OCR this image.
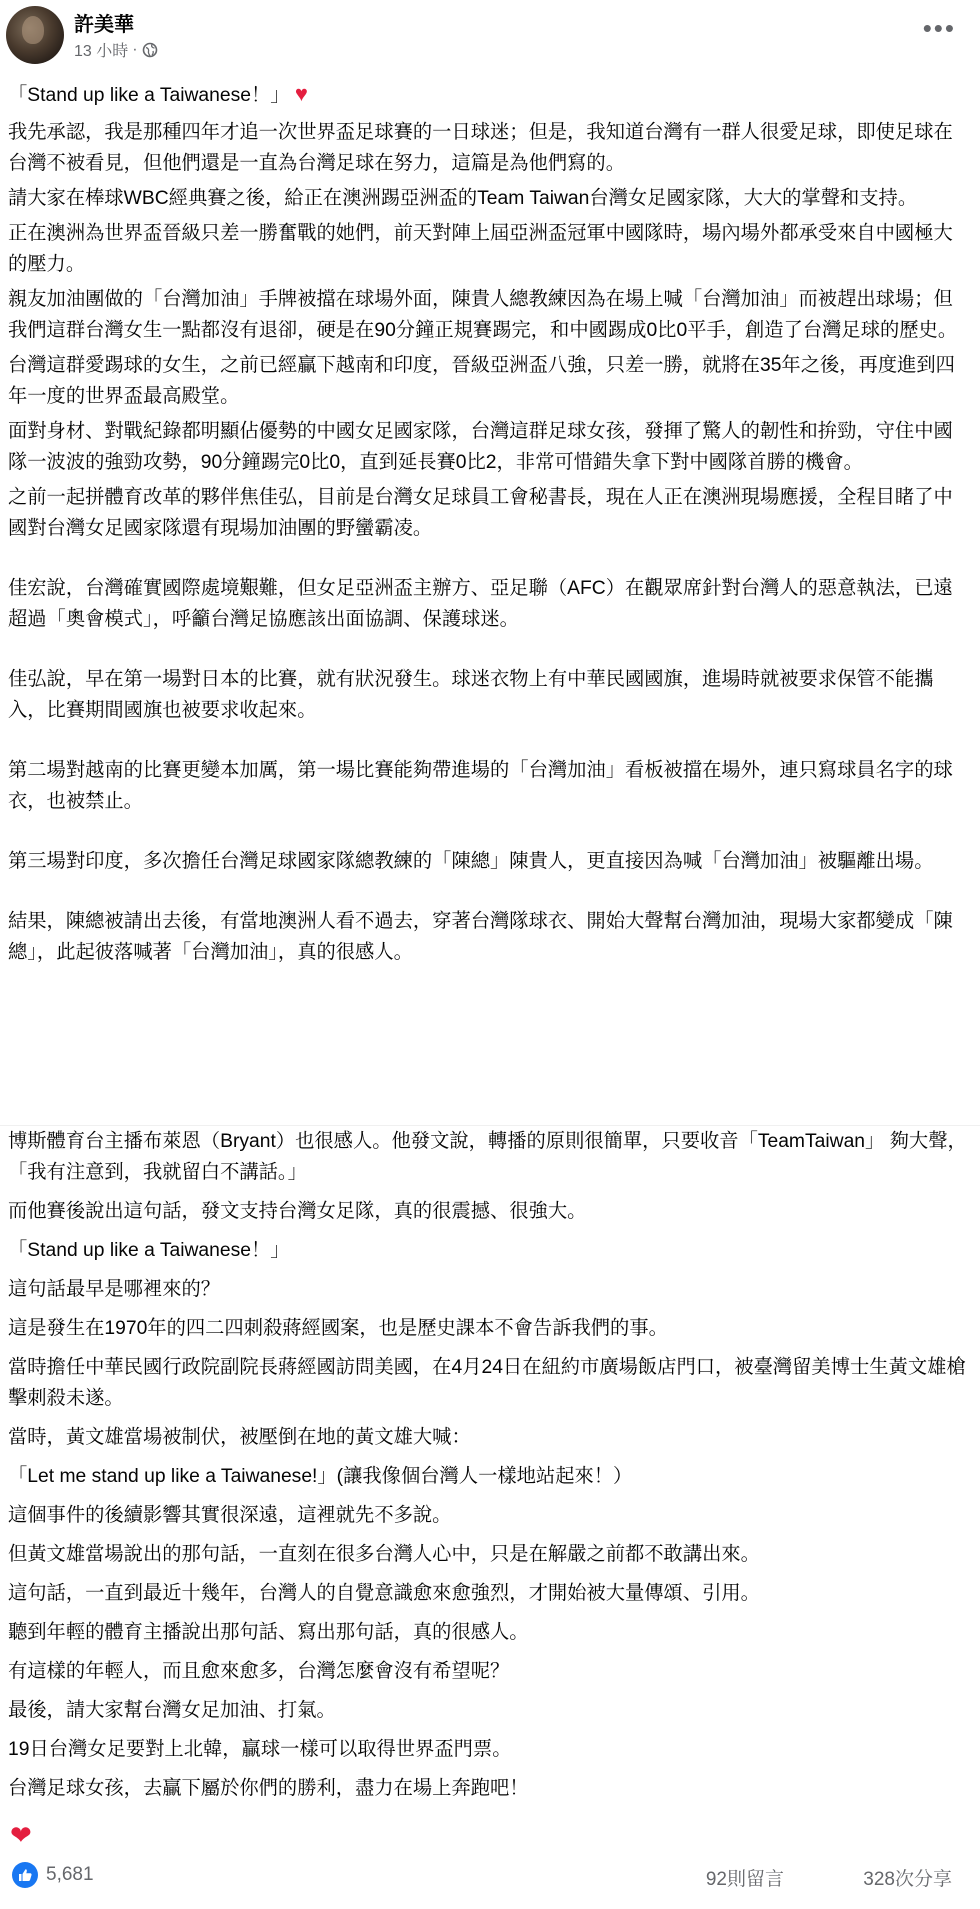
許美華
13 小時 ·
•••

「Stand up like a Taiwanese！」 ♥

我先承認，我是那種四年才追一次世界盃足球賽的一日球迷；但是，我知道台灣有一群人很愛足球，即使足球在台灣不被看見，但他們還是一直為台灣足球在努力，這篇是為他們寫的。

請大家在棒球WBC經典賽之後，給正在澳洲踢亞洲盃的Team Taiwan台灣女足國家隊，大大的掌聲和支持。

正在澳洲為世界盃晉級只差一勝奮戰的她們，前天對陣上屆亞洲盃冠軍中國隊時，場內場外都承受來自中國極大的壓力。

親友加油團做的「台灣加油」手牌被擋在球場外面，陳貴人總教練因為在場上喊「台灣加油」而被趕出球場；但我們這群台灣女生一點都沒有退卻，硬是在90分鐘正規賽踢完，和中國踢成0比0平手，創造了台灣足球的歷史。

台灣這群愛踢球的女生，之前已經贏下越南和印度，晉級亞洲盃八強，只差一勝，就將在35年之後，再度進到四年一度的世界盃最高殿堂。

面對身材、對戰紀錄都明顯佔優勢的中國女足國家隊，台灣這群足球女孩，發揮了驚人的韌性和拚勁，守住中國隊一波波的強勁攻勢，90分鐘踢完0比0，直到延長賽0比2，非常可惜錯失拿下對中國隊首勝的機會。

之前一起拼體育改革的夥伴焦佳弘，目前是台灣女足球員工會秘書長，現在人正在澳洲現場應援，全程目睹了中國對台灣女足國家隊還有現場加油團的野蠻霸凌。

佳宏說，台灣確實國際處境艱難，但女足亞洲盃主辦方、亞足聯（AFC）在觀眾席針對台灣人的惡意執法，已遠超過「奧會模式」，呼籲台灣足協應該出面協調、保護球迷。

佳弘說，早在第一場對日本的比賽，就有狀況發生。球迷衣物上有中華民國國旗，進場時就被要求保管不能攜入，比賽期間國旗也被要求收起來。

第二場對越南的比賽更變本加厲，第一場比賽能夠帶進場的「台灣加油」看板被擋在場外，連只寫球員名字的球衣，也被禁止。

第三場對印度，多次擔任台灣足球國家隊總教練的「陳總」陳貴人，更直接因為喊「台灣加油」被驅離出場。

結果，陳總被請出去後，有當地澳洲人看不過去，穿著台灣隊球衣、開始大聲幫台灣加油，現場大家都變成「陳總」，此起彼落喊著「台灣加油」，真的很感人。

博斯體育台主播布萊恩（Bryant）也很感人。他發文說，轉播的原則很簡單，只要收音「TeamTaiwan」 夠大聲，「我有注意到，我就留白不講話。」

而他賽後說出這句話，發文支持台灣女足隊，真的很震撼、很強大。

「Stand up like a Taiwanese！」

這句話最早是哪裡來的？

這是發生在1970年的四二四刺殺蔣經國案，也是歷史課本不會告訴我們的事。

當時擔任中華民國行政院副院長蔣經國訪問美國，在4月24日在紐約市廣場飯店門口，被臺灣留美博士生黃文雄槍擊刺殺未遂。

當時，黃文雄當場被制伏，被壓倒在地的黃文雄大喊：

「Let me stand up like a Taiwanese!」(讓我像個台灣人一樣地站起來！）

這個事件的後續影響其實很深遠，這裡就先不多說。

但黃文雄當場說出的那句話，一直刻在很多台灣人心中，只是在解嚴之前都不敢講出來。

這句話，一直到最近十幾年，台灣人的自覺意識愈來愈強烈，才開始被大量傳頌、引用。

聽到年輕的體育主播說出那句話、寫出那句話，真的很感人。

有這樣的年輕人，而且愈來愈多，台灣怎麼會沒有希望呢？

最後，請大家幫台灣女足加油、打氣。

19日台灣女足要對上北韓，贏球一樣可以取得世界盃門票。

台灣足球女孩，去贏下屬於你們的勝利，盡力在場上奔跑吧！

❤
5,681	92則留言	328次分享
